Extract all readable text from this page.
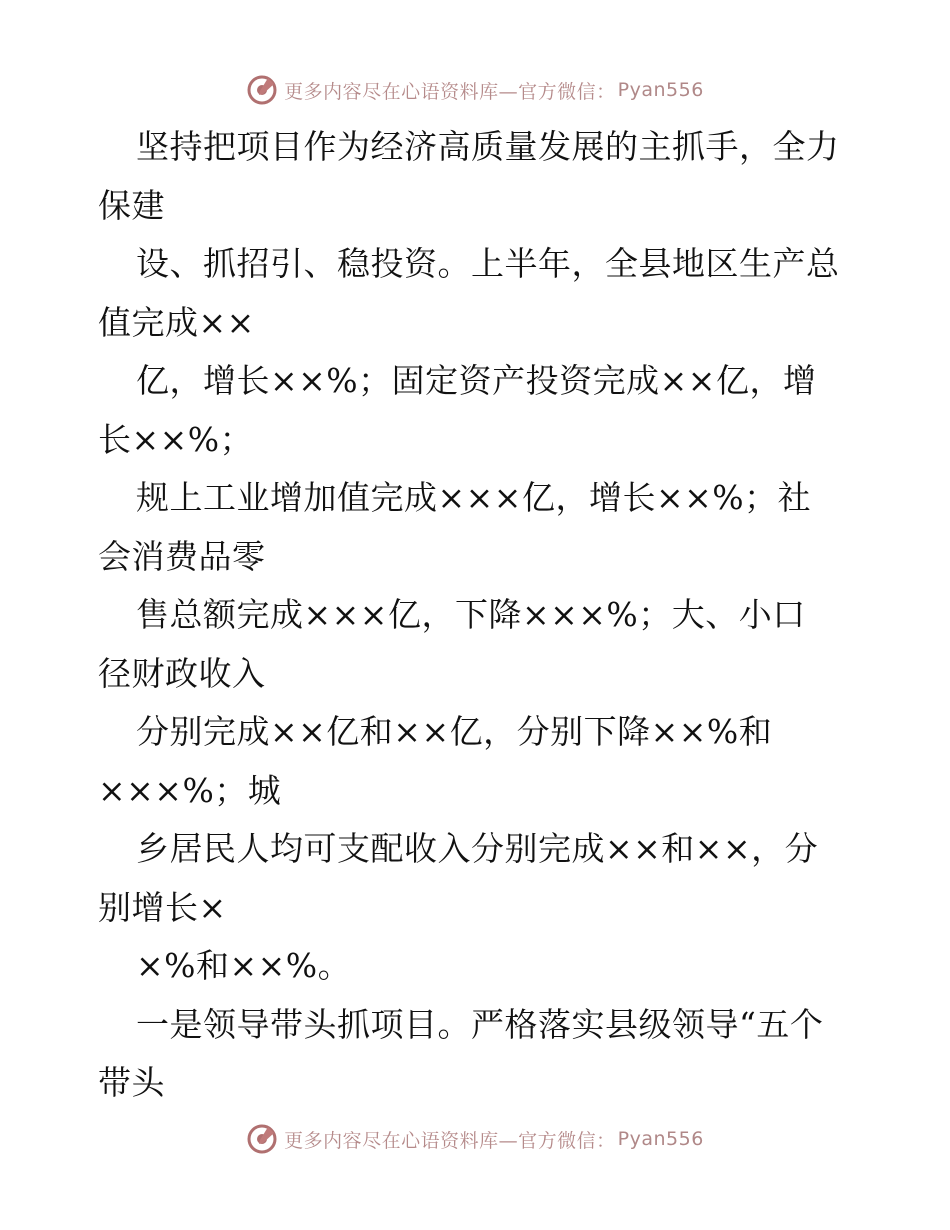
更多内容尽在心语资料库—官方微信： Pyan556
坚持把项目作为经济高质量发展的主抓手，全力
保建
设、抓招引、稳投资。上半年，全县地区生产总
值完成××
亿，增长××%；固定资产投资完成××亿，增
长××%；
规上工业增加值完成×××亿，增长××%；社
会消费品零
售总额完成×××亿，下降×××%；大、小口
径财政收入
分别完成××亿和××亿，分别下降××%和
×××%；城
乡居民人均可支配收入分别完成××和××，分
别增长×
×%和××%。
一是领导带头抓项目。严格落实县级领导“五个
带头
更多内容尽在心语资料库—官方微信： Pyan556
